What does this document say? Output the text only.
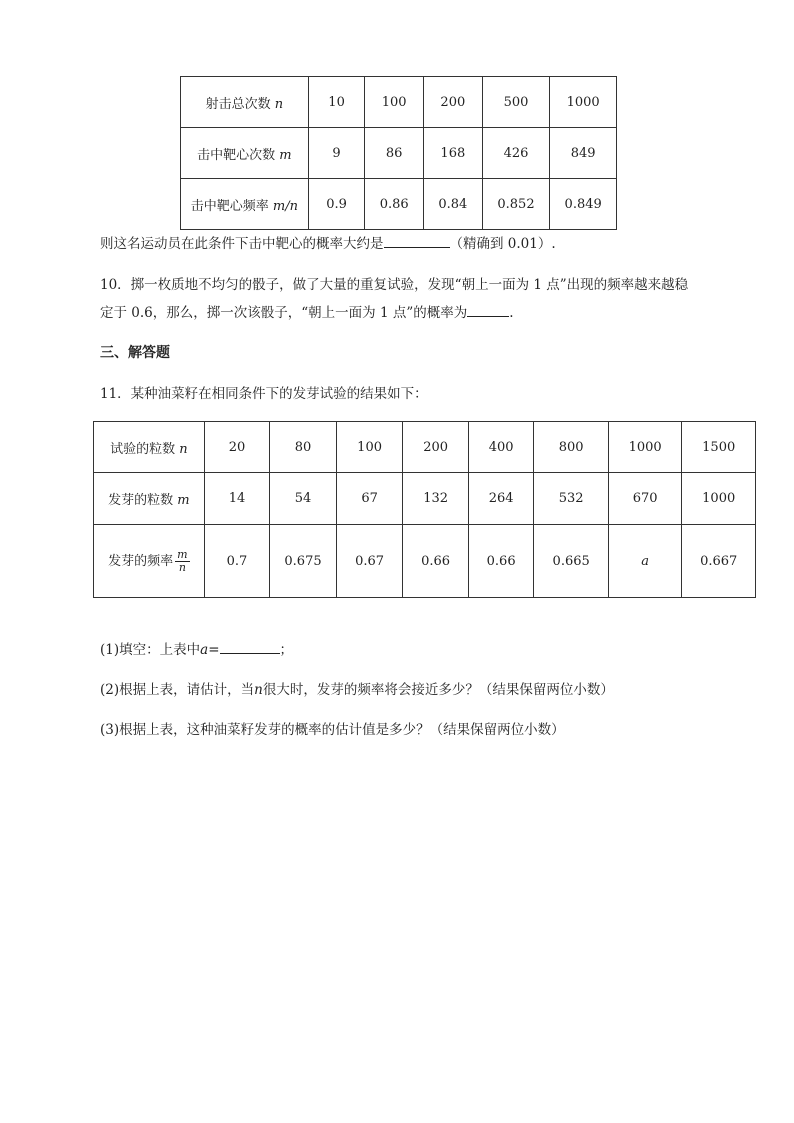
射击总次数 n	10	100	200	500	1000
击中靶心次数 m	9	86	168	426	849
击中靶心频率 m/n	0.9	0.86	0.84	0.852	0.849
则这名运动员在此条件下击中靶心的概率大约是	（精确到 0.01）.
10．掷一枚质地不均匀的骰子，做了大量的重复试验，发现“朝上一面为 1 点”出现的频率越来越稳
定于 0.6，那么，掷一次该骰子，“朝上一面为 1 点”的概率为	.
三、解答题
11．某种油菜籽在相同条件下的发芽试验的结果如下：
试验的粒数 n	20	80	100	200	400	800	1000	1500
发芽的粒数 m	14	54	67	132	264	532	670	1000
发芽的频率 $\frac{m}{n}$	0.7	0.675	0.67	0.66	0.66	0.665	a	0.667
(1)填空：上表中a=	；
(2)根据上表，请估计，当n很大时，发芽的频率将会接近多少？（结果保留两位小数）
(3)根据上表，这种油菜籽发芽的概率的估计值是多少？（结果保留两位小数）
